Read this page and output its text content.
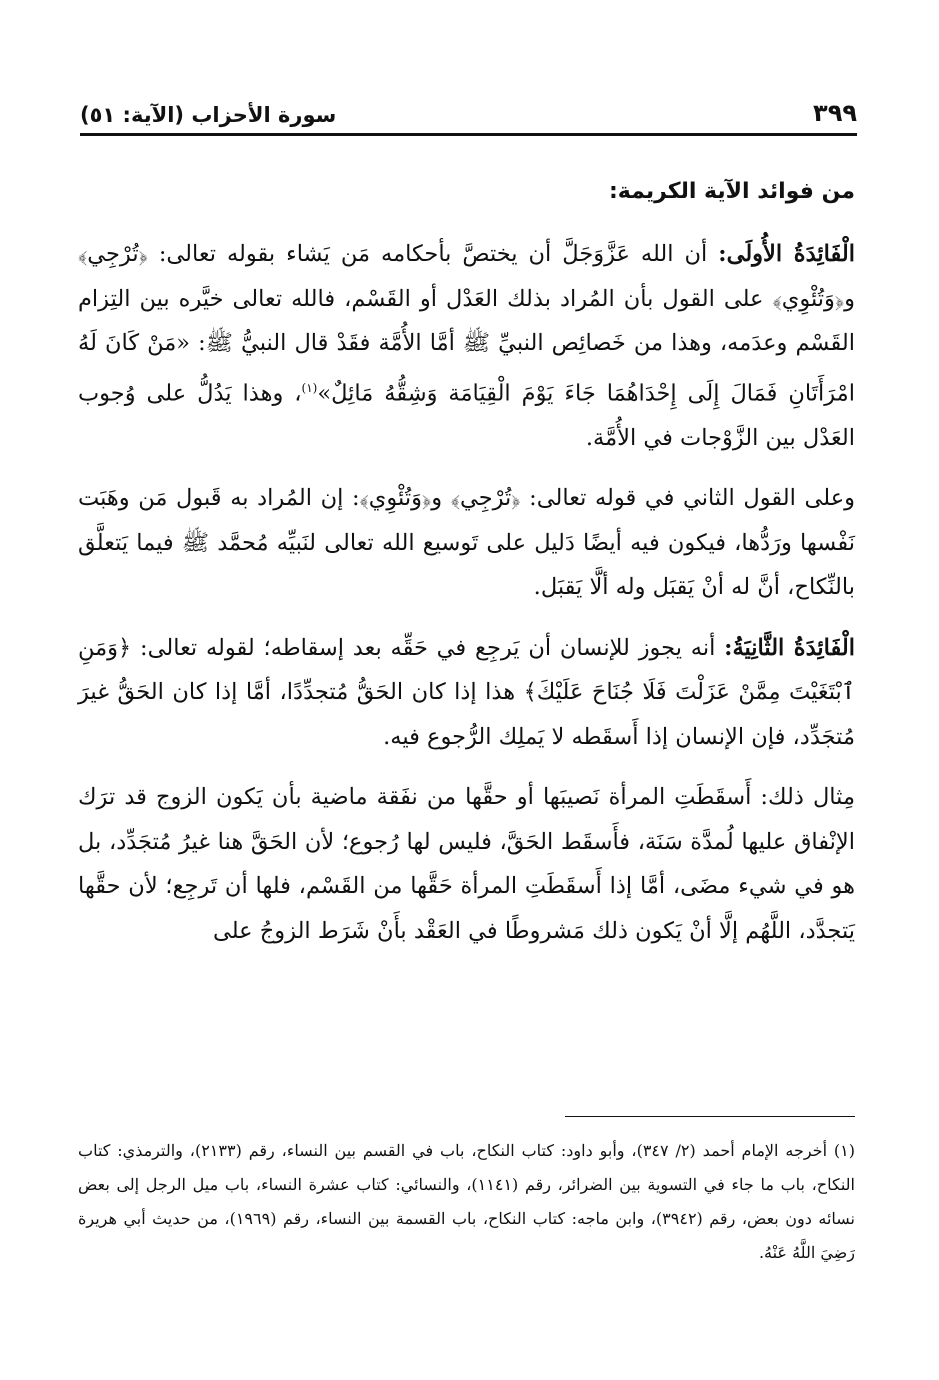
سورة الأحزاب (الآية: ٥١)	٣٩٩
من فوائد الآية الكريمة:

الْفَائِدَةُ الأُولَى: أن الله عَزَّوَجَلَّ أن يختصَّ بأحكامه مَن يَشاء بقوله تعالى: ﴿تُرْجِي﴾ و﴿وَتُئْوِي﴾ على القول بأن المُراد بذلك العَدْل أو القَسْم، فالله تعالى خيَّره بين التِزام القَسْم وعدَمه، وهذا من خَصائِص النبيِّ ﷺ أمَّا الأُمَّة فقَدْ قال النبيُّ ﷺ: «مَنْ كَانَ لَهُ امْرَأَتَانِ فَمَالَ إِلَى إِحْدَاهُمَا جَاءَ يَوْمَ الْقِيَامَة وَشِقُّهُ مَائِلٌ»$^{(١)}$، وهذا يَدُلُّ على وُجوب العَدْل بين الزَّوْجات في الأُمَّة.

وعلى القول الثاني في قوله تعالى: ﴿تُرْجِي﴾ و﴿وَتُئْوِي﴾: إن المُراد به قَبول مَن وهَبَت نَفْسها ورَدُّها، فيكون فيه أيضًا دَليل على تَوسيع الله تعالى لنَبيِّه مُحمَّد ﷺ فيما يَتعلَّق بالنِّكاح، أنَّ له أنْ يَقبَل وله ألَّا يَقبَل.

الْفَائِدَةُ الثَّانِيَةُ: أنه يجوز للإنسان أن يَرجِع في حَقِّه بعد إسقاطه؛ لقوله تعالى: ﴿وَمَنِ ٱبْتَغَيْتَ مِمَّنْ عَزَلْتَ فَلَا جُنَاحَ عَلَيْكَ﴾ هذا إذا كان الحَقُّ مُتجدِّدًا، أمَّا إذا كان الحَقُّ غيرَ مُتجَدِّد، فإن الإنسان إذا أَسقَطه لا يَملِك الرُّجوع فيه.

مِثال ذلك: أَسقَطَتِ المرأة نَصيبَها أو حقَّها من نفَقة ماضية بأن يَكون الزوج قد ترَك الإنْفاق عليها لُمدَّة سَنَة، فأَسقَط الحَقَّ، فليس لها رُجوع؛ لأن الحَقَّ هنا غيرُ مُتجَدِّد، بل هو في شيء مضَى، أمَّا إذا أَسقَطَتِ المرأة حَقَّها من القَسْم، فلها أن تَرجِع؛ لأن حقَّها يَتجدَّد، اللَّهُم إلَّا أنْ يَكون ذلك مَشروطًا في العَقْد بأَنْ شَرَط الزوجُ على

(١) أخرجه الإمام أحمد (٢/ ٣٤٧)، وأبو داود: كتاب النكاح، باب في القسم بين النساء، رقم (٢١٣٣)، والترمذي: كتاب النكاح، باب ما جاء في التسوية بين الضرائر، رقم (١١٤١)، والنسائي: كتاب عشرة النساء، باب ميل الرجل إلى بعض نسائه دون بعض، رقم (٣٩٤٢)، وابن ماجه: كتاب النكاح، باب القسمة بين النساء، رقم (١٩٦٩)، من حديث أبي هريرة رَضِيَ اللَّهُ عَنْهُ.
